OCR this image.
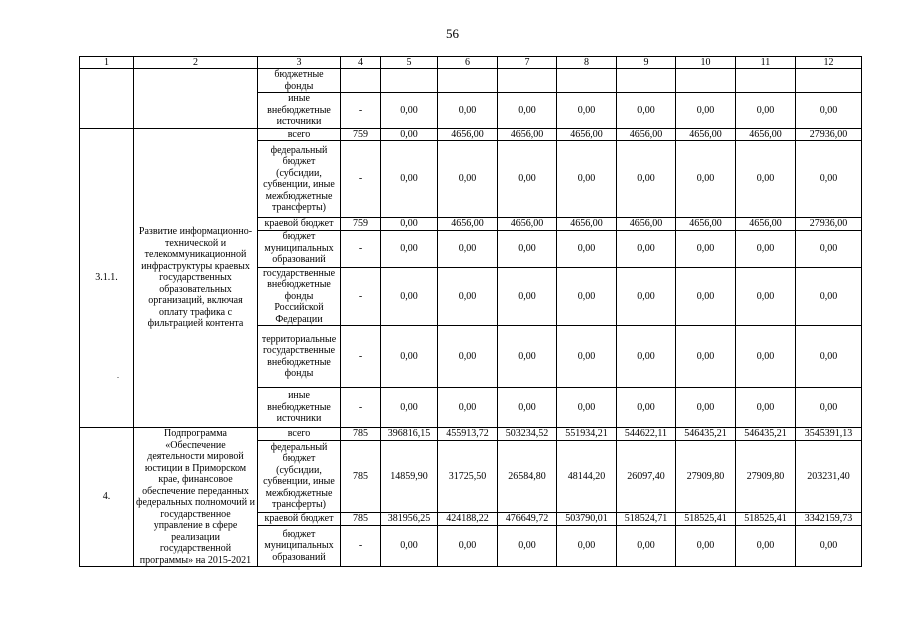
56
1	2	3	4	5	6	7	8	9	10	11	12
		бюджетные фонды									
		иные внебюджетные источники	-	0,00	0,00	0,00	0,00	0,00	0,00	0,00	0,00
3.1.1.	Развитие информационно-технической и телекоммуникационной инфраструктуры краевых государственных образовательных организаций, включая оплату трафика с фильтрацией контента	всего	759	0,00	4656,00	4656,00	4656,00	4656,00	4656,00	4656,00	27936,00
		федеральный бюджет (субсидии, субвенции, иные межбюджетные трансферты)	-	0,00	0,00	0,00	0,00	0,00	0,00	0,00	0,00
		краевой бюджет	759	0,00	4656,00	4656,00	4656,00	4656,00	4656,00	4656,00	27936,00
		бюджет муниципальных образований	-	0,00	0,00	0,00	0,00	0,00	0,00	0,00	0,00
		государственные внебюджетные фонды Российской Федерации	-	0,00	0,00	0,00	0,00	0,00	0,00	0,00	0,00
		территориальные государственные внебюджетные фонды	-	0,00	0,00	0,00	0,00	0,00	0,00	0,00	0,00
		иные внебюджетные источники	-	0,00	0,00	0,00	0,00	0,00	0,00	0,00	0,00
4.	Подпрограмма «Обеспечение деятельности мировой юстиции в Приморском крае, финансовое обеспечение переданных федеральных полномочий и государственное управление в сфере реализации государственной программы» на 2015-2021	всего	785	396816,15	455913,72	503234,52	551934,21	544622,11	546435,21	546435,21	3545391,13
		федеральный бюджет (субсидии, субвенции, иные межбюджетные трансферты)	785	14859,90	31725,50	26584,80	48144,20	26097,40	27909,80	27909,80	203231,40
		краевой бюджет	785	381956,25	424188,22	476649,72	503790,01	518524,71	518525,41	518525,41	3342159,73
		бюджет муниципальных образований	-	0,00	0,00	0,00	0,00	0,00	0,00	0,00	0,00
.
